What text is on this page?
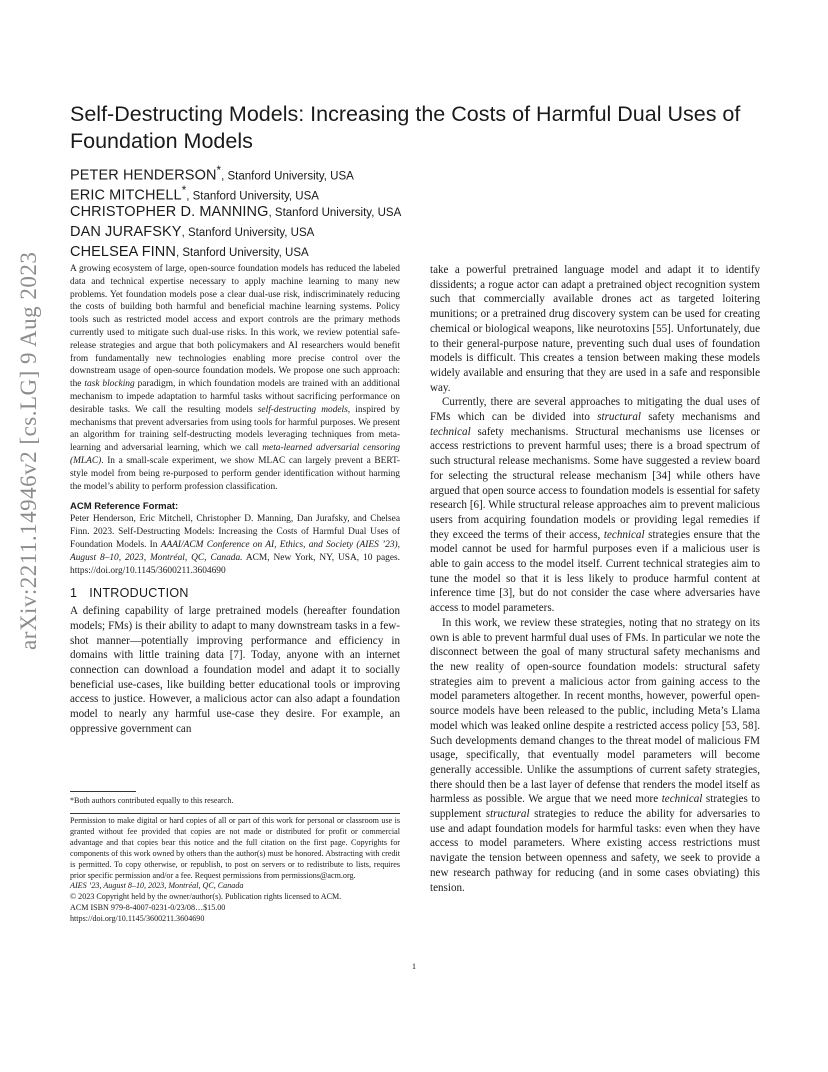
arXiv:2211.14946v2 [cs.LG] 9 Aug 2023
Self-Destructing Models: Increasing the Costs of Harmful Dual Uses of Foundation Models
PETER HENDERSON*, Stanford University, USA
ERIC MITCHELL*, Stanford University, USA
CHRISTOPHER D. MANNING, Stanford University, USA
DAN JURAFSKY, Stanford University, USA
CHELSEA FINN, Stanford University, USA

A growing ecosystem of large, open-source foundation models has reduced the labeled data and technical expertise necessary to apply machine learning to many new problems. Yet foundation models pose a clear dual-use risk, indiscriminately reducing the costs of building both harmful and beneficial machine learning systems. Policy tools such as restricted model access and export controls are the primary methods currently used to mitigate such dual-use risks. In this work, we review potential safe-release strategies and argue that both policymakers and AI researchers would benefit from fundamentally new technologies enabling more precise control over the downstream usage of open-source foundation models. We propose one such approach: the task blocking paradigm, in which foundation models are trained with an additional mechanism to impede adaptation to harmful tasks without sacrificing performance on desirable tasks. We call the resulting models self-destructing models, inspired by mechanisms that prevent adversaries from using tools for harmful purposes. We present an algorithm for training self-destructing models leveraging techniques from meta-learning and adversarial learning, which we call meta-learned adversarial censoring (MLAC). In a small-scale experiment, we show MLAC can largely prevent a BERT-style model from being re-purposed to perform gender identification without harming the model’s ability to perform profession classification.

ACM Reference Format:

Peter Henderson, Eric Mitchell, Christopher D. Manning, Dan Jurafsky, and Chelsea Finn. 2023. Self-Destructing Models: Increasing the Costs of Harmful Dual Uses of Foundation Models. In AAAI/ACM Conference on AI, Ethics, and Society (AIES ’23), August 8–10, 2023, Montréal, QC, Canada. ACM, New York, NY, USA, 10 pages. https://doi.org/10.1145/3600211.3604690

1 INTRODUCTION

A defining capability of large pretrained models (hereafter foundation models; FMs) is their ability to adapt to many downstream tasks in a few-shot manner—potentially improving performance and efficiency in domains with little training data [7]. Today, anyone with an internet connection can download a foundation model and adapt it to socially beneficial use-cases, like building better educational tools or improving access to justice. However, a malicious actor can also adapt a foundation model to nearly any harmful use-case they desire. For example, an oppressive government can

*Both authors contributed equally to this research.
Permission to make digital or hard copies of all or part of this work for personal or classroom use is granted without fee provided that copies are not made or distributed for profit or commercial advantage and that copies bear this notice and the full citation on the first page. Copyrights for components of this work owned by others than the author(s) must be honored. Abstracting with credit is permitted. To copy otherwise, or republish, to post on servers or to redistribute to lists, requires prior specific permission and/or a fee. Request permissions from permissions@acm.org.
AIES ’23, August 8–10, 2023, Montréal, QC, Canada
© 2023 Copyright held by the owner/author(s). Publication rights licensed to ACM.
ACM ISBN 979-8-4007-0231-0/23/08…$15.00
https://doi.org/10.1145/3600211.3604690

take a powerful pretrained language model and adapt it to identify dissidents; a rogue actor can adapt a pretrained object recognition system such that commercially available drones act as targeted loitering munitions; or a pretrained drug discovery system can be used for creating chemical or biological weapons, like neurotoxins [55]. Unfortunately, due to their general-purpose nature, preventing such dual uses of foundation models is difficult. This creates a tension between making these models widely available and ensuring that they are used in a safe and responsible way.

Currently, there are several approaches to mitigating the dual uses of FMs which can be divided into structural safety mechanisms and technical safety mechanisms. Structural mechanisms use licenses or access restrictions to prevent harmful uses; there is a broad spectrum of such structural release mechanisms. Some have suggested a review board for selecting the structural release mechanism [34] while others have argued that open source access to foundation models is essential for safety research [6]. While structural release approaches aim to prevent malicious users from acquiring foundation models or providing legal remedies if they exceed the terms of their access, technical strategies ensure that the model cannot be used for harmful purposes even if a malicious user is able to gain access to the model itself. Current technical strategies aim to tune the model so that it is less likely to produce harmful content at inference time [3], but do not consider the case where adversaries have access to model parameters.

In this work, we review these strategies, noting that no strategy on its own is able to prevent harmful dual uses of FMs. In particular we note the disconnect between the goal of many structural safety mechanisms and the new reality of open-source foundation models: structural safety strategies aim to prevent a malicious actor from gaining access to the model parameters altogether. In recent months, however, powerful open-source models have been released to the public, including Meta’s Llama model which was leaked online despite a restricted access policy [53, 58]. Such developments demand changes to the threat model of malicious FM usage, specifically, that eventually model parameters will become generally accessible. Unlike the assumptions of current safety strategies, there should then be a last layer of defense that renders the model itself as harmless as possible. We argue that we need more technical strategies to supplement structural strategies to reduce the ability for adversaries to use and adapt foundation models for harmful tasks: even when they have access to model parameters. Where existing access restrictions must navigate the tension between openness and safety, we seek to provide a new research pathway for reducing (and in some cases obviating) this tension.

1
